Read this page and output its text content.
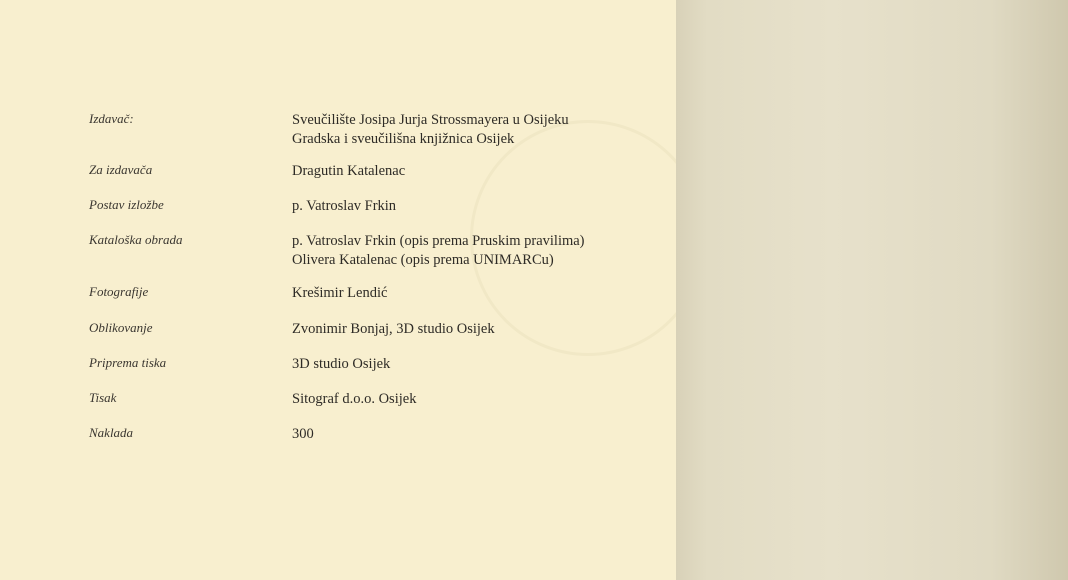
Izdavač:	Sveučilište Josipa Jurja Strossmayera u Osijeku
Gradska i sveučilišna knjižnica Osijek
Za izdavača	Dragutin Katalenac
Postav izložbe	p. Vatroslav Frkin
Kataloška obrada	p. Vatroslav Frkin (opis prema Pruskim pravilima)
Olivera Katalenac (opis prema UNIMARCu)
Fotografije	Krešimir Lendić
Oblikovanje	Zvonimir Bonjaj, 3D studio Osijek
Priprema tiska	3D studio Osijek
Tisak	Sitograf d.o.o. Osijek
Naklada	300
